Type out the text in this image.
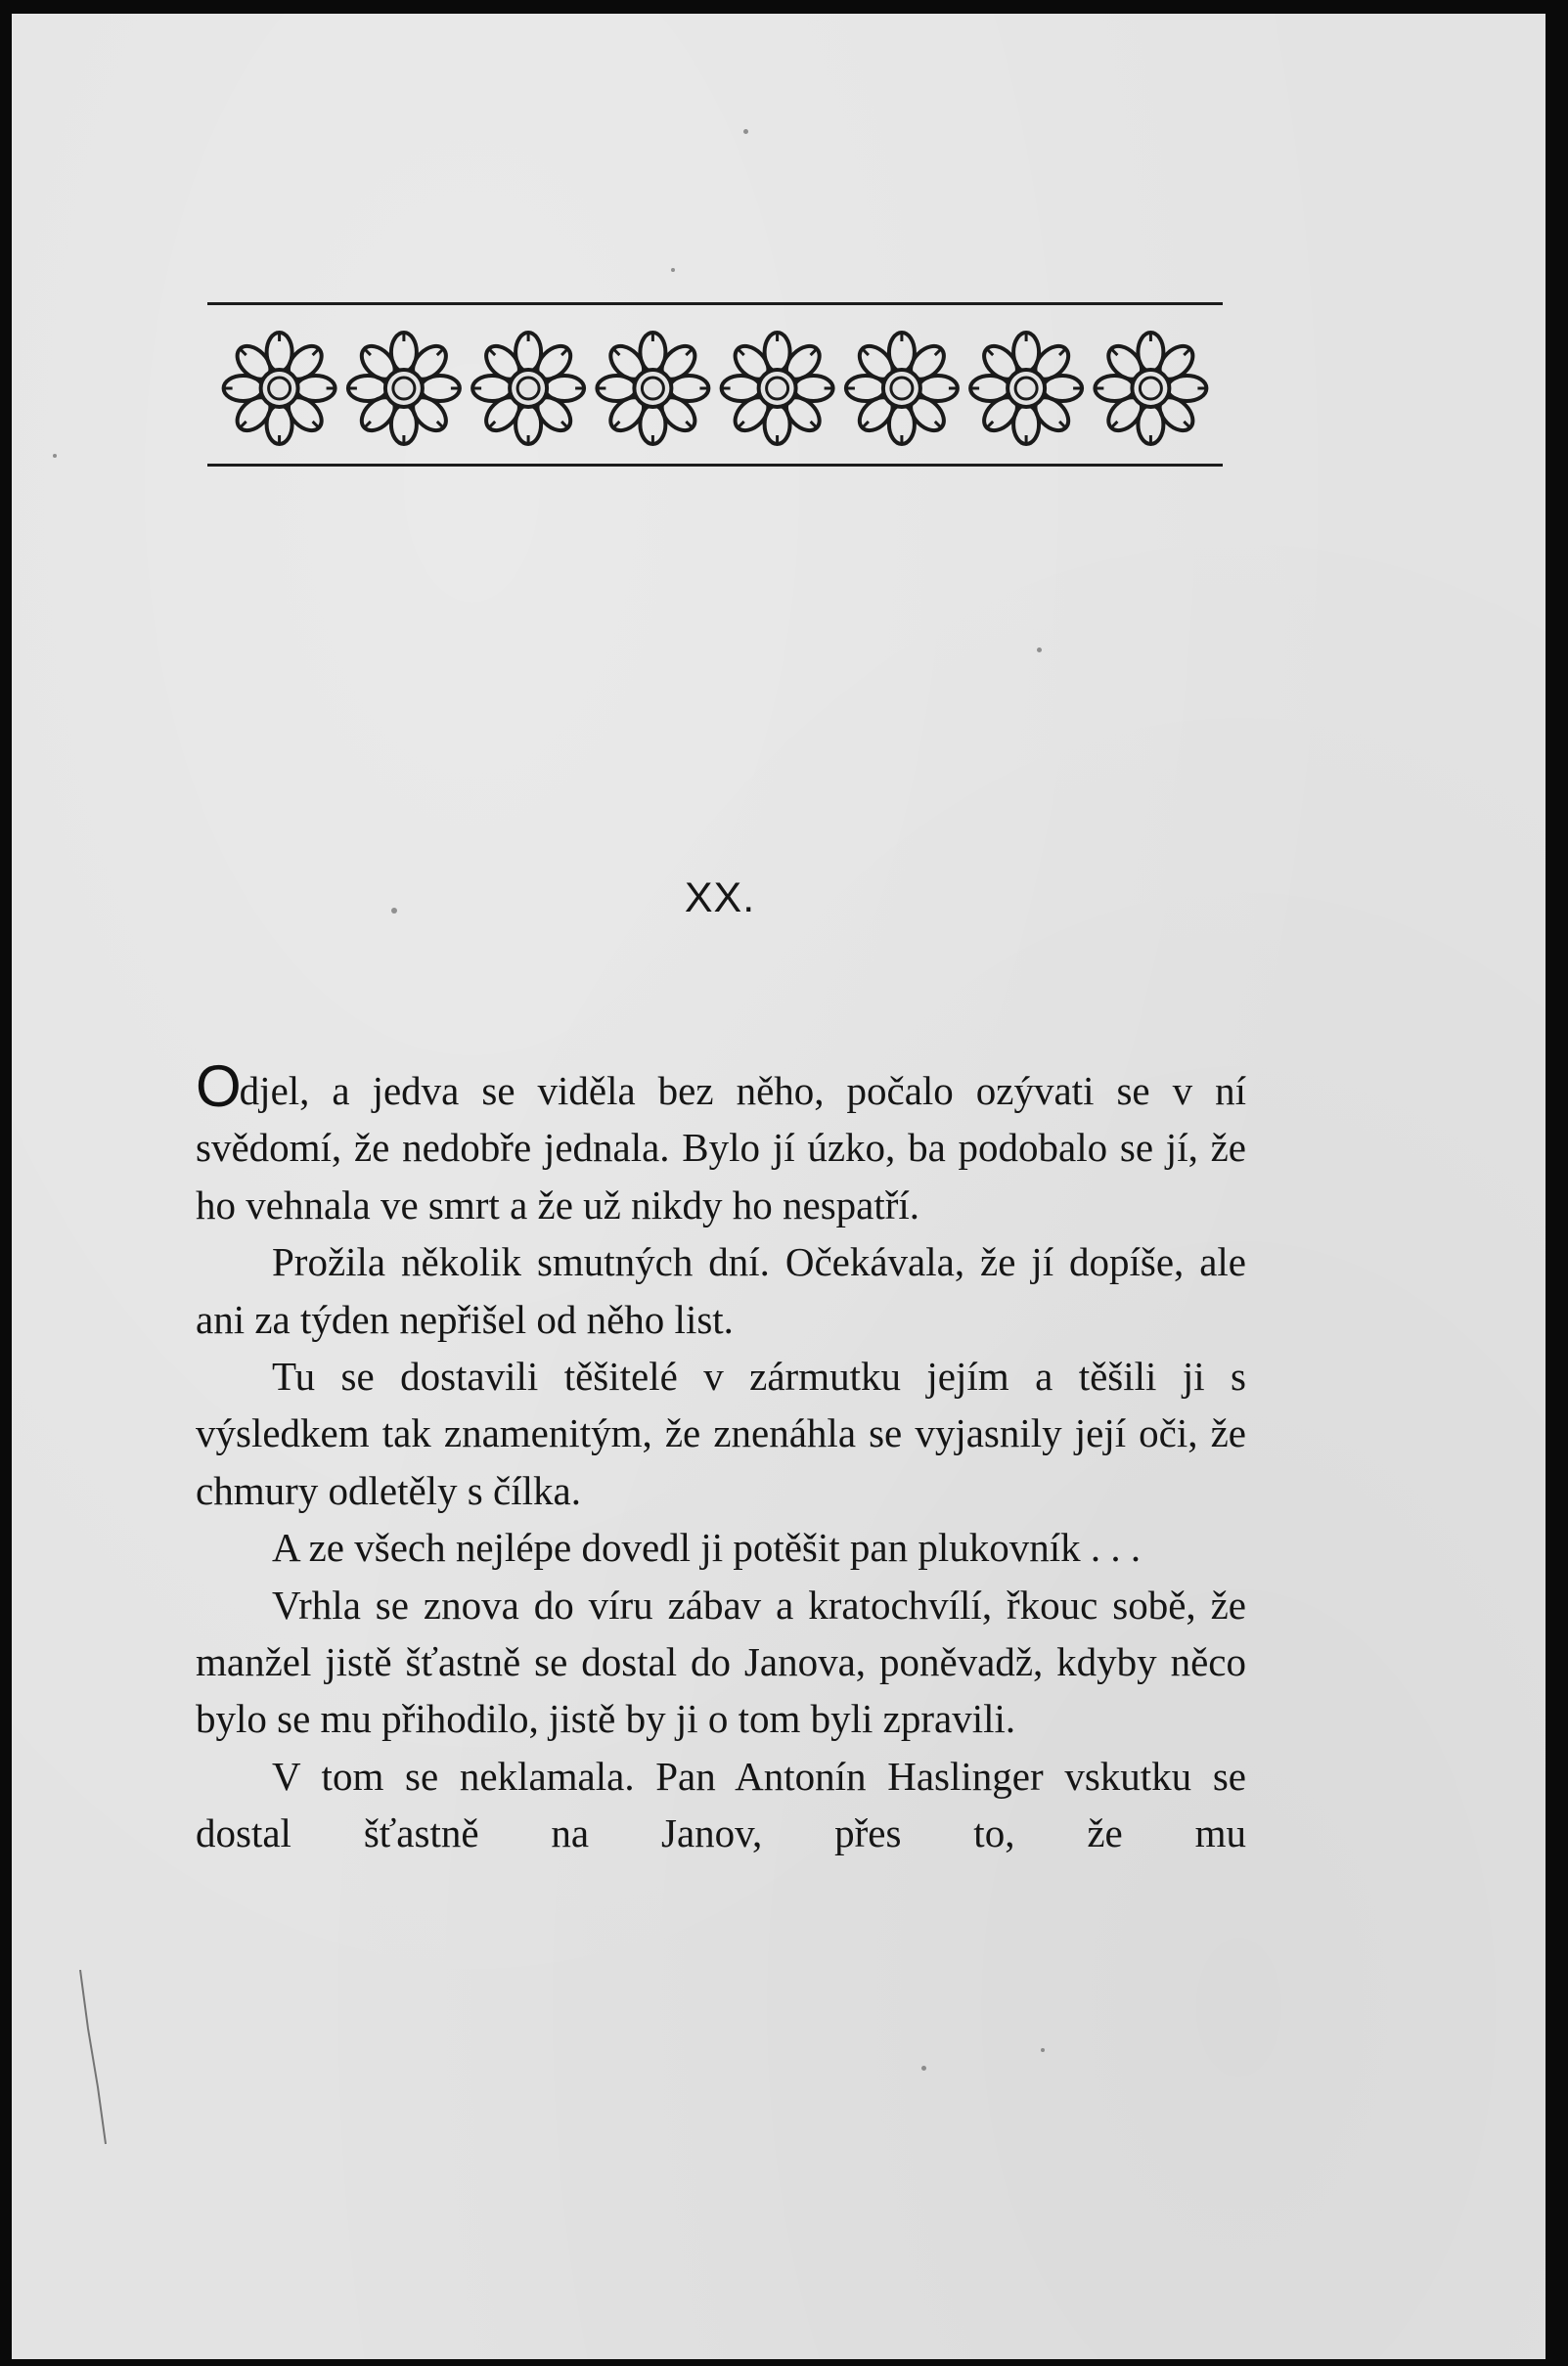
XX.

Odjel, a jedva se viděla bez něho, počalo ozývati se v ní svědomí, že nedobře jednala. Bylo jí úzko, ba podobalo se jí, že ho vehnala ve smrt a že už nikdy ho nespatří.

Prožila několik smutných dní. Očekávala, že jí dopíše, ale ani za týden nepřišel od něho list.

Tu se dostavili těšitelé v zármutku jejím a těšili ji s výsledkem tak znamenitým, že znenáhla se vyjasnily její oči, že chmury odletěly s čílka.

A ze všech nejlépe dovedl ji potěšit pan plukovník . . .

Vrhla se znova do víru zábav a kratochvílí, řkouc sobě, že manžel jistě šťastně se dostal do Janova, poněvadž, kdyby něco bylo se mu přihodilo, jistě by ji o tom byli zpravili.

V tom se neklamala. Pan Antonín Haslinger vskutku se dostal šťastně na Janov, přes to, že mu
